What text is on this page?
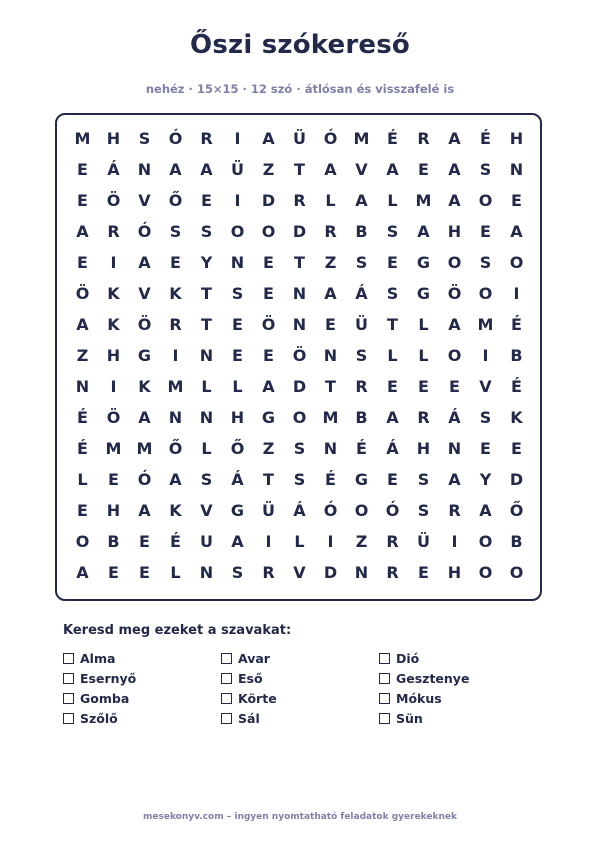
Őszi szókereső
nehéz · 15×15 · 12 szó · átlósan és visszafelé is
M	H	S	Ó	R	I	A	Ü	Ó	M	É	R	A	É	H
E	Á	N	A	A	Ü	Z	T	A	V	A	E	A	S	N
E	Ö	V	Ő	E	I	D	R	L	A	L	M	A	O	E
A	R	Ó	S	S	O	O	D	R	B	S	A	H	E	A
E	I	A	E	Y	N	E	T	Z	S	E	G	O	S	O
Ö	K	V	K	T	S	E	N	A	Á	S	G	Ö	O	I
A	K	Ö	R	T	E	Ö	N	E	Ü	T	L	A	M	É
Z	H	G	I	N	E	E	Ö	N	S	L	L	O	I	B
N	I	K	M	L	L	A	D	T	R	E	E	E	V	É
É	Ö	A	N	N	H	G	O	M	B	A	R	Á	S	K
É	M M	Ő	L	Ő	Z	S	N	É	Á	H	N	E	E
L	E	Ó	A	S	Á	T	S	É	G	E	S	A	Y	D
E	H	A	K	V	G	Ü	Á	Ó	O	Ó	S	R	A	Ő
O	B	E	É	U	A	I	L	I	Z	R	Ü	I	O	B
A	E	E	L	N	S	R	V	D	N	R	E	H	O	O
Keresd meg ezeket a szavakat:
Alma	Avar	Dió
Esernyő	Eső	Gesztenye
Gomba	Körte	Mókus
Szőlő	Sál	Sün
mesekonyv.com – ingyen nyomtatható feladatok gyerekeknek
